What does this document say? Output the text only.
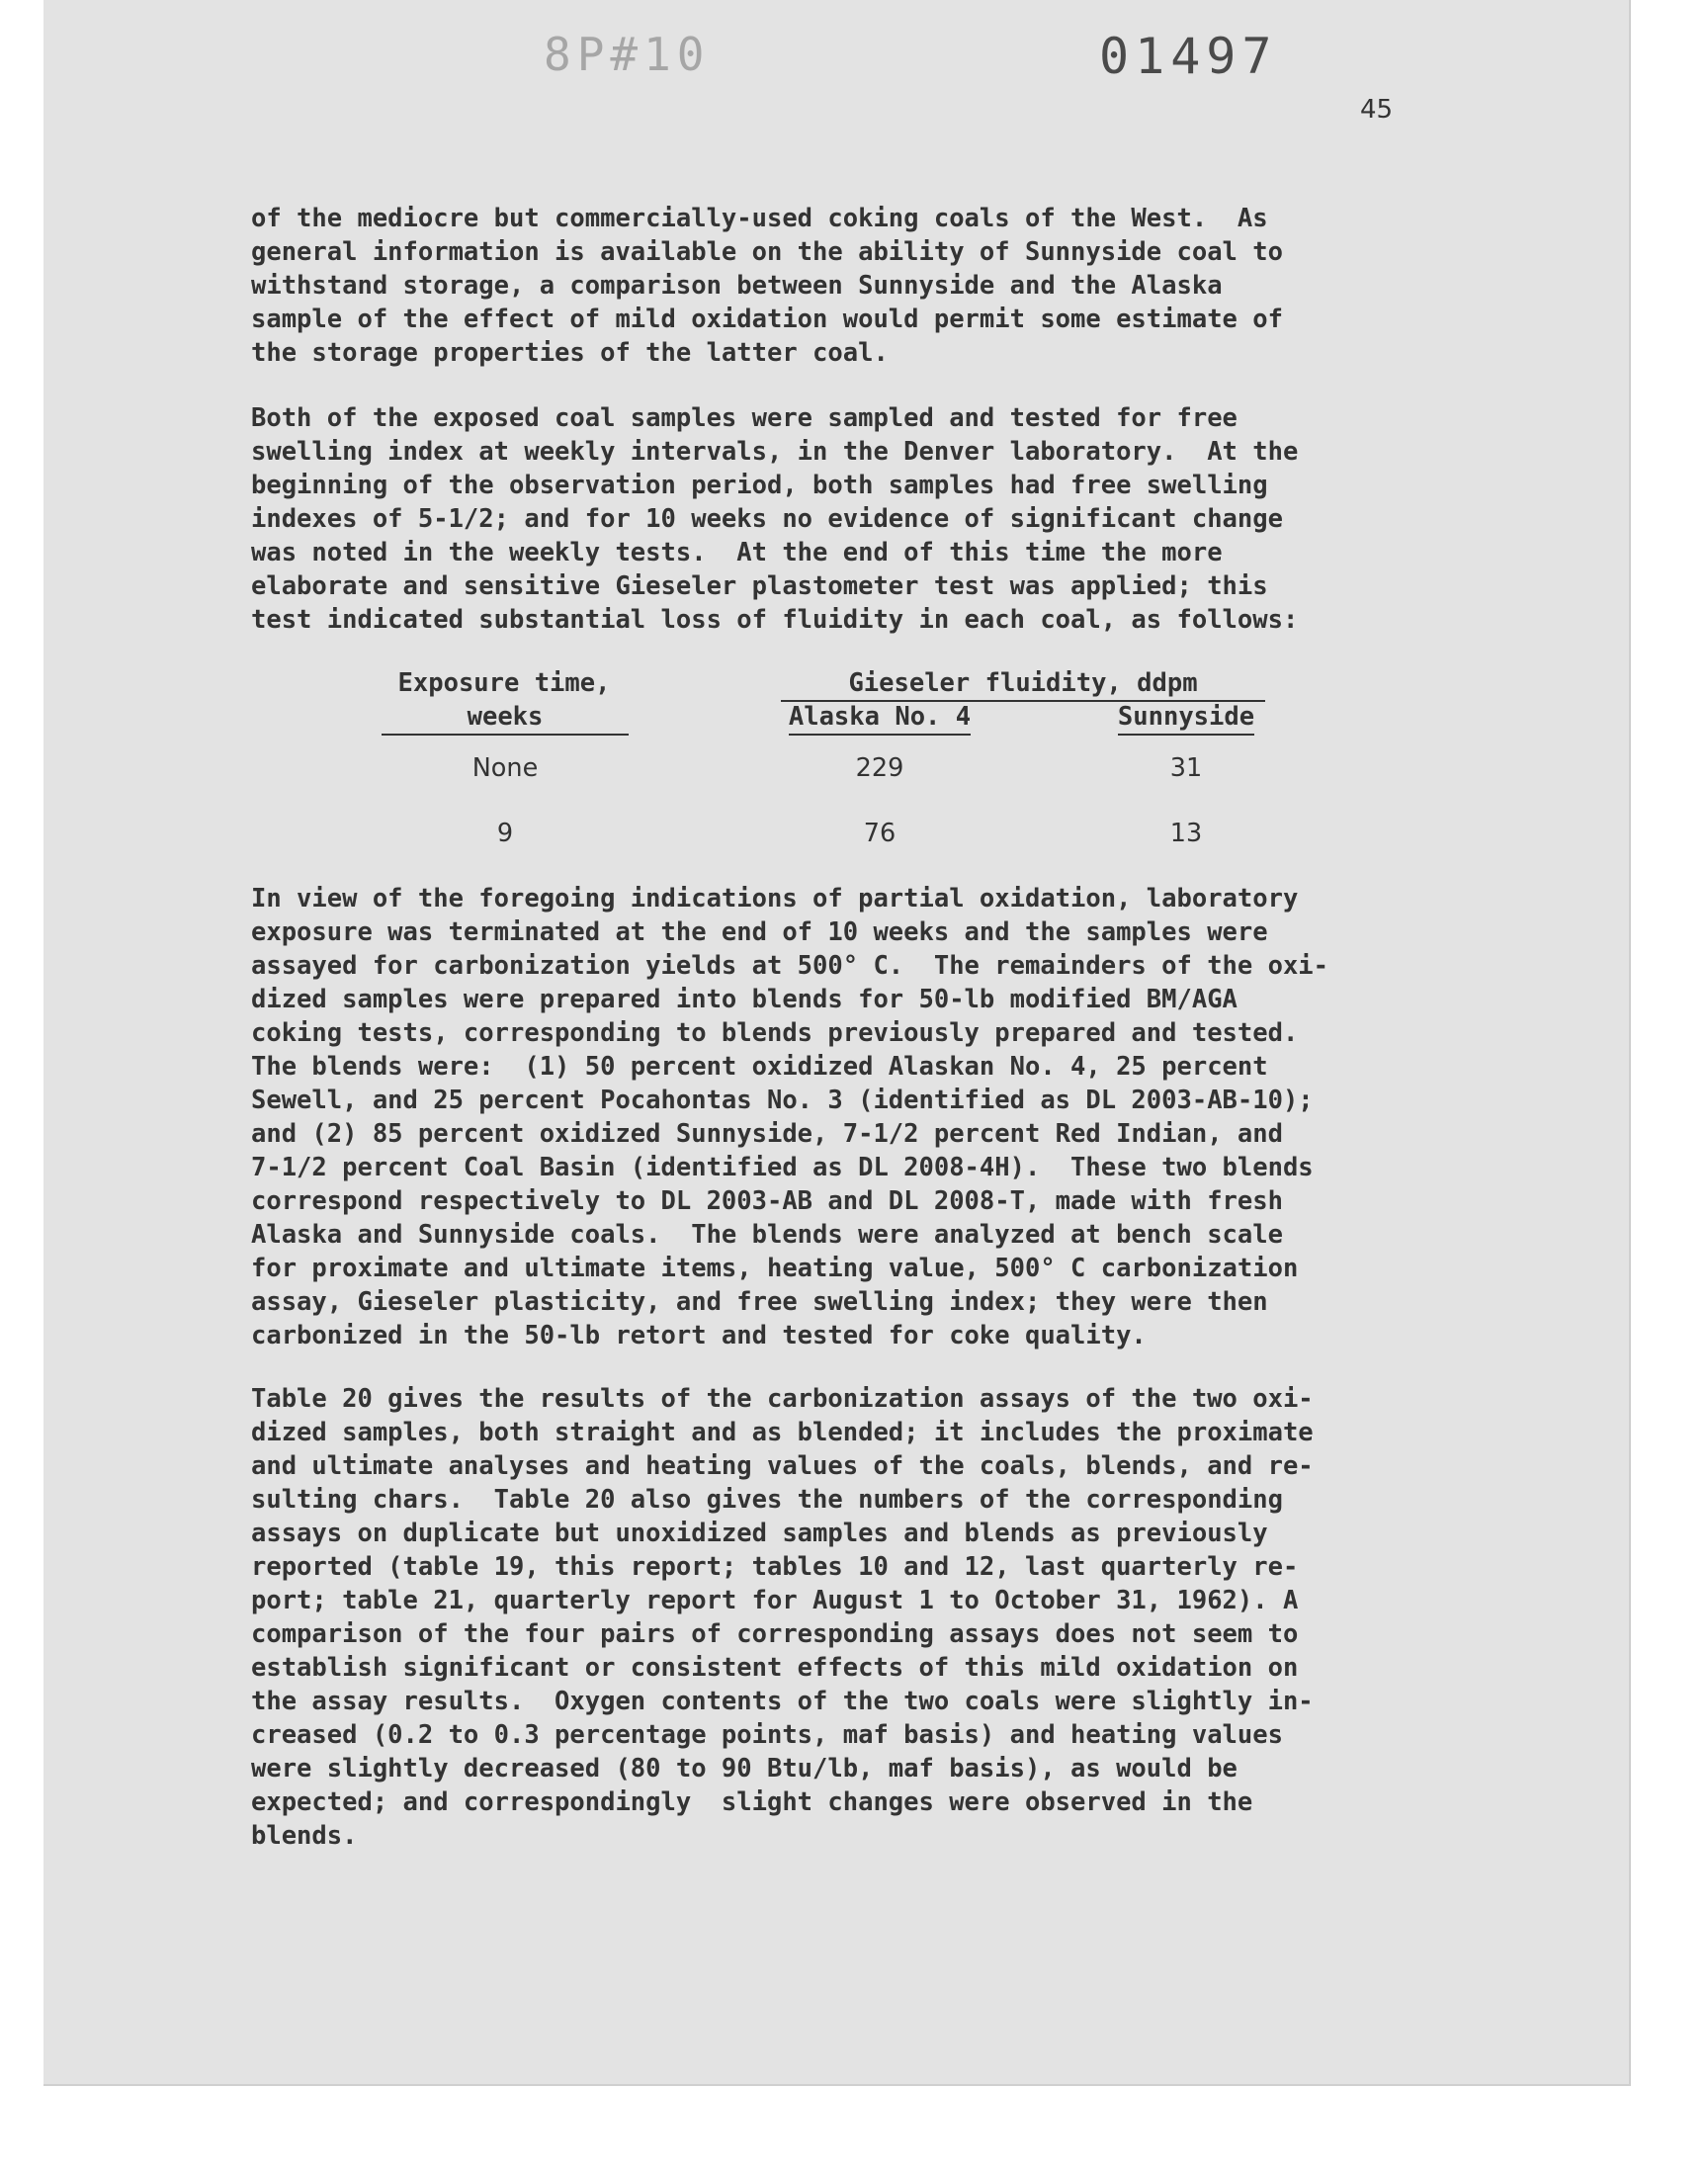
8P#10	01497
45
of the mediocre but commercially-used coking coals of the West.  As
general information is available on the ability of Sunnyside coal to
withstand storage, a comparison between Sunnyside and the Alaska
sample of the effect of mild oxidation would permit some estimate of
the storage properties of the latter coal.
Both of the exposed coal samples were sampled and tested for free
swelling index at weekly intervals, in the Denver laboratory.  At the
beginning of the observation period, both samples had free swelling
indexes of 5-1/2; and for 10 weeks no evidence of significant change
was noted in the weekly tests.  At the end of this time the more
elaborate and sensitive Gieseler plastometer test was applied; this
test indicated substantial loss of fluidity in each coal, as follows:
Exposure time,
weeks
Gieseler fluidity, ddpm
Alaska No. 4	Sunnyside
None	229	31
9	76	13
In view of the foregoing indications of partial oxidation, laboratory
exposure was terminated at the end of 10 weeks and the samples were
assayed for carbonization yields at 500° C.  The remainders of the oxi-
dized samples were prepared into blends for 50-lb modified BM/AGA
coking tests, corresponding to blends previously prepared and tested.
The blends were:  (1) 50 percent oxidized Alaskan No. 4, 25 percent
Sewell, and 25 percent Pocahontas No. 3 (identified as DL 2003-AB-10);
and (2) 85 percent oxidized Sunnyside, 7-1/2 percent Red Indian, and
7-1/2 percent Coal Basin (identified as DL 2008-4H).  These two blends
correspond respectively to DL 2003-AB and DL 2008-T, made with fresh
Alaska and Sunnyside coals.  The blends were analyzed at bench scale
for proximate and ultimate items, heating value, 500° C carbonization
assay, Gieseler plasticity, and free swelling index; they were then
carbonized in the 50-lb retort and tested for coke quality.
Table 20 gives the results of the carbonization assays of the two oxi-
dized samples, both straight and as blended; it includes the proximate
and ultimate analyses and heating values of the coals, blends, and re-
sulting chars.  Table 20 also gives the numbers of the corresponding
assays on duplicate but unoxidized samples and blends as previously
reported (table 19, this report; tables 10 and 12, last quarterly re-
port; table 21, quarterly report for August 1 to October 31, 1962). A
comparison of the four pairs of corresponding assays does not seem to
establish significant or consistent effects of this mild oxidation on
the assay results.  Oxygen contents of the two coals were slightly in-
creased (0.2 to 0.3 percentage points, maf basis) and heating values
were slightly decreased (80 to 90 Btu/lb, maf basis), as would be
expected; and correspondingly  slight changes were observed in the
blends.
